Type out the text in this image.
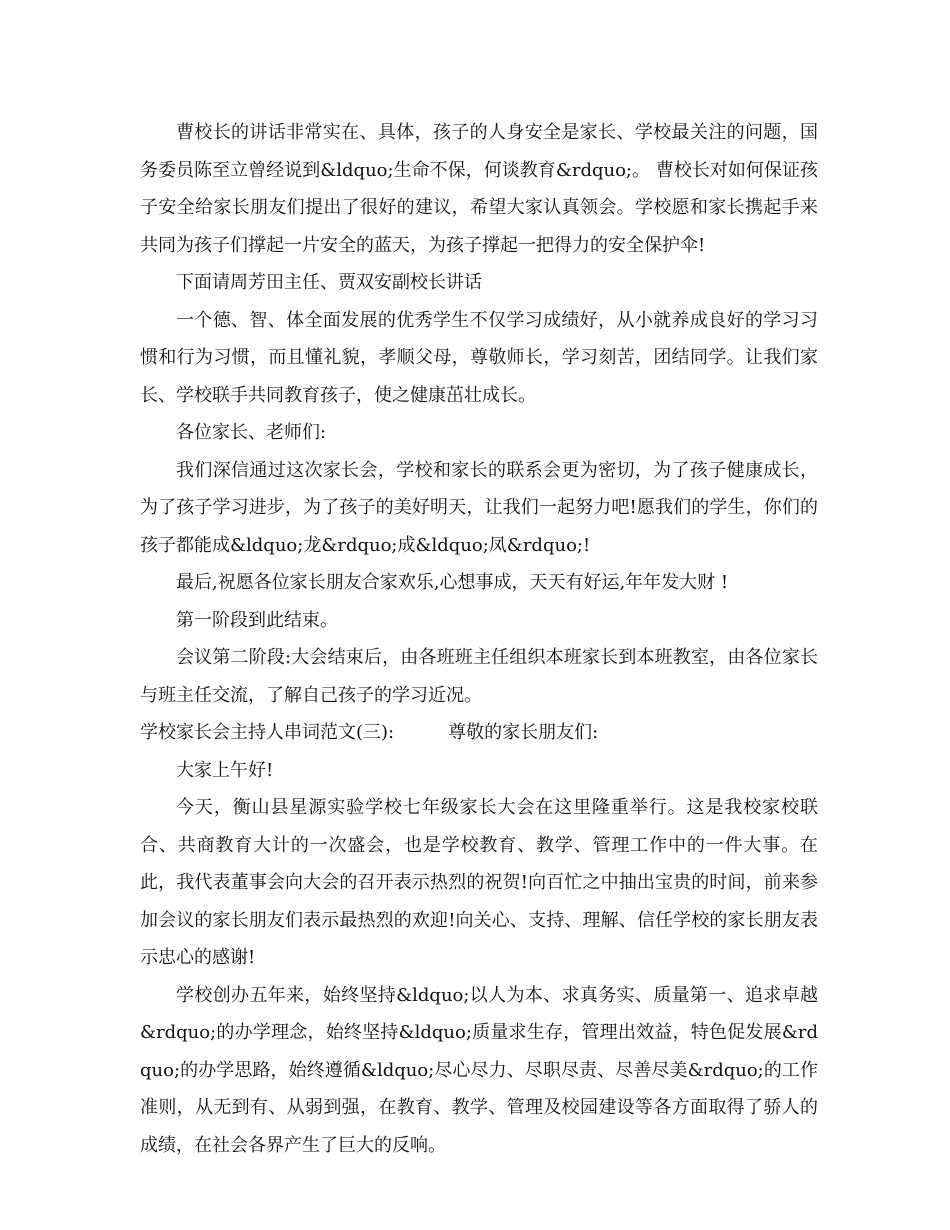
曹校长的讲话非常实在、具体，孩子的人身安全是家长、学校最关注的问题，国务委员陈至立曾经说到&ldquo;生命不保，何谈教育&rdquo;。 曹校长对如何保证孩子安全给家长朋友们提出了很好的建议，希望大家认真领会。学校愿和家长携起手来共同为孩子们撑起一片安全的蓝天，为孩子撑起一把得力的安全保护伞!

下面请周芳田主任、贾双安副校长讲话

一个德、智、体全面发展的优秀学生不仅学习成绩好，从小就养成良好的学习习惯和行为习惯，而且懂礼貌，孝顺父母，尊敬师长，学习刻苦，团结同学。让我们家长、学校联手共同教育孩子，使之健康茁壮成长。

各位家长、老师们:

我们深信通过这次家长会，学校和家长的联系会更为密切，为了孩子健康成长，为了孩子学习进步，为了孩子的美好明天，让我们一起努力吧!愿我们的学生，你们的孩子都能成&ldquo;龙&rdquo;成&ldquo;凤&rdquo;!

最后,祝愿各位家长朋友合家欢乐,心想事成，天天有好运,年年发大财 !

第一阶段到此结束。

会议第二阶段:大会结束后，由各班班主任组织本班家长到本班教室，由各位家长与班主任交流，了解自己孩子的学习近况。

学校家长会主持人串词范文(三):	尊敬的家长朋友们:

大家上午好!

今天，衡山县星源实验学校七年级家长大会在这里隆重举行。这是我校家校联合、共商教育大计的一次盛会，也是学校教育、教学、管理工作中的一件大事。在此，我代表董事会向大会的召开表示热烈的祝贺!向百忙之中抽出宝贵的时间，前来参加会议的家长朋友们表示最热烈的欢迎!向关心、支持、理解、信任学校的家长朋友表示忠心的感谢!

学校创办五年来，始终坚持&ldquo;以人为本、求真务实、质量第一、追求卓越&rdquo;的办学理念，始终坚持&ldquo;质量求生存，管理出效益，特色促发展&rdquo;的办学思路，始终遵循&ldquo;尽心尽力、尽职尽责、尽善尽美&rdquo;的工作准则，从无到有、从弱到强，在教育、教学、管理及校园建设等各方面取得了骄人的成绩，在社会各界产生了巨大的反响。
